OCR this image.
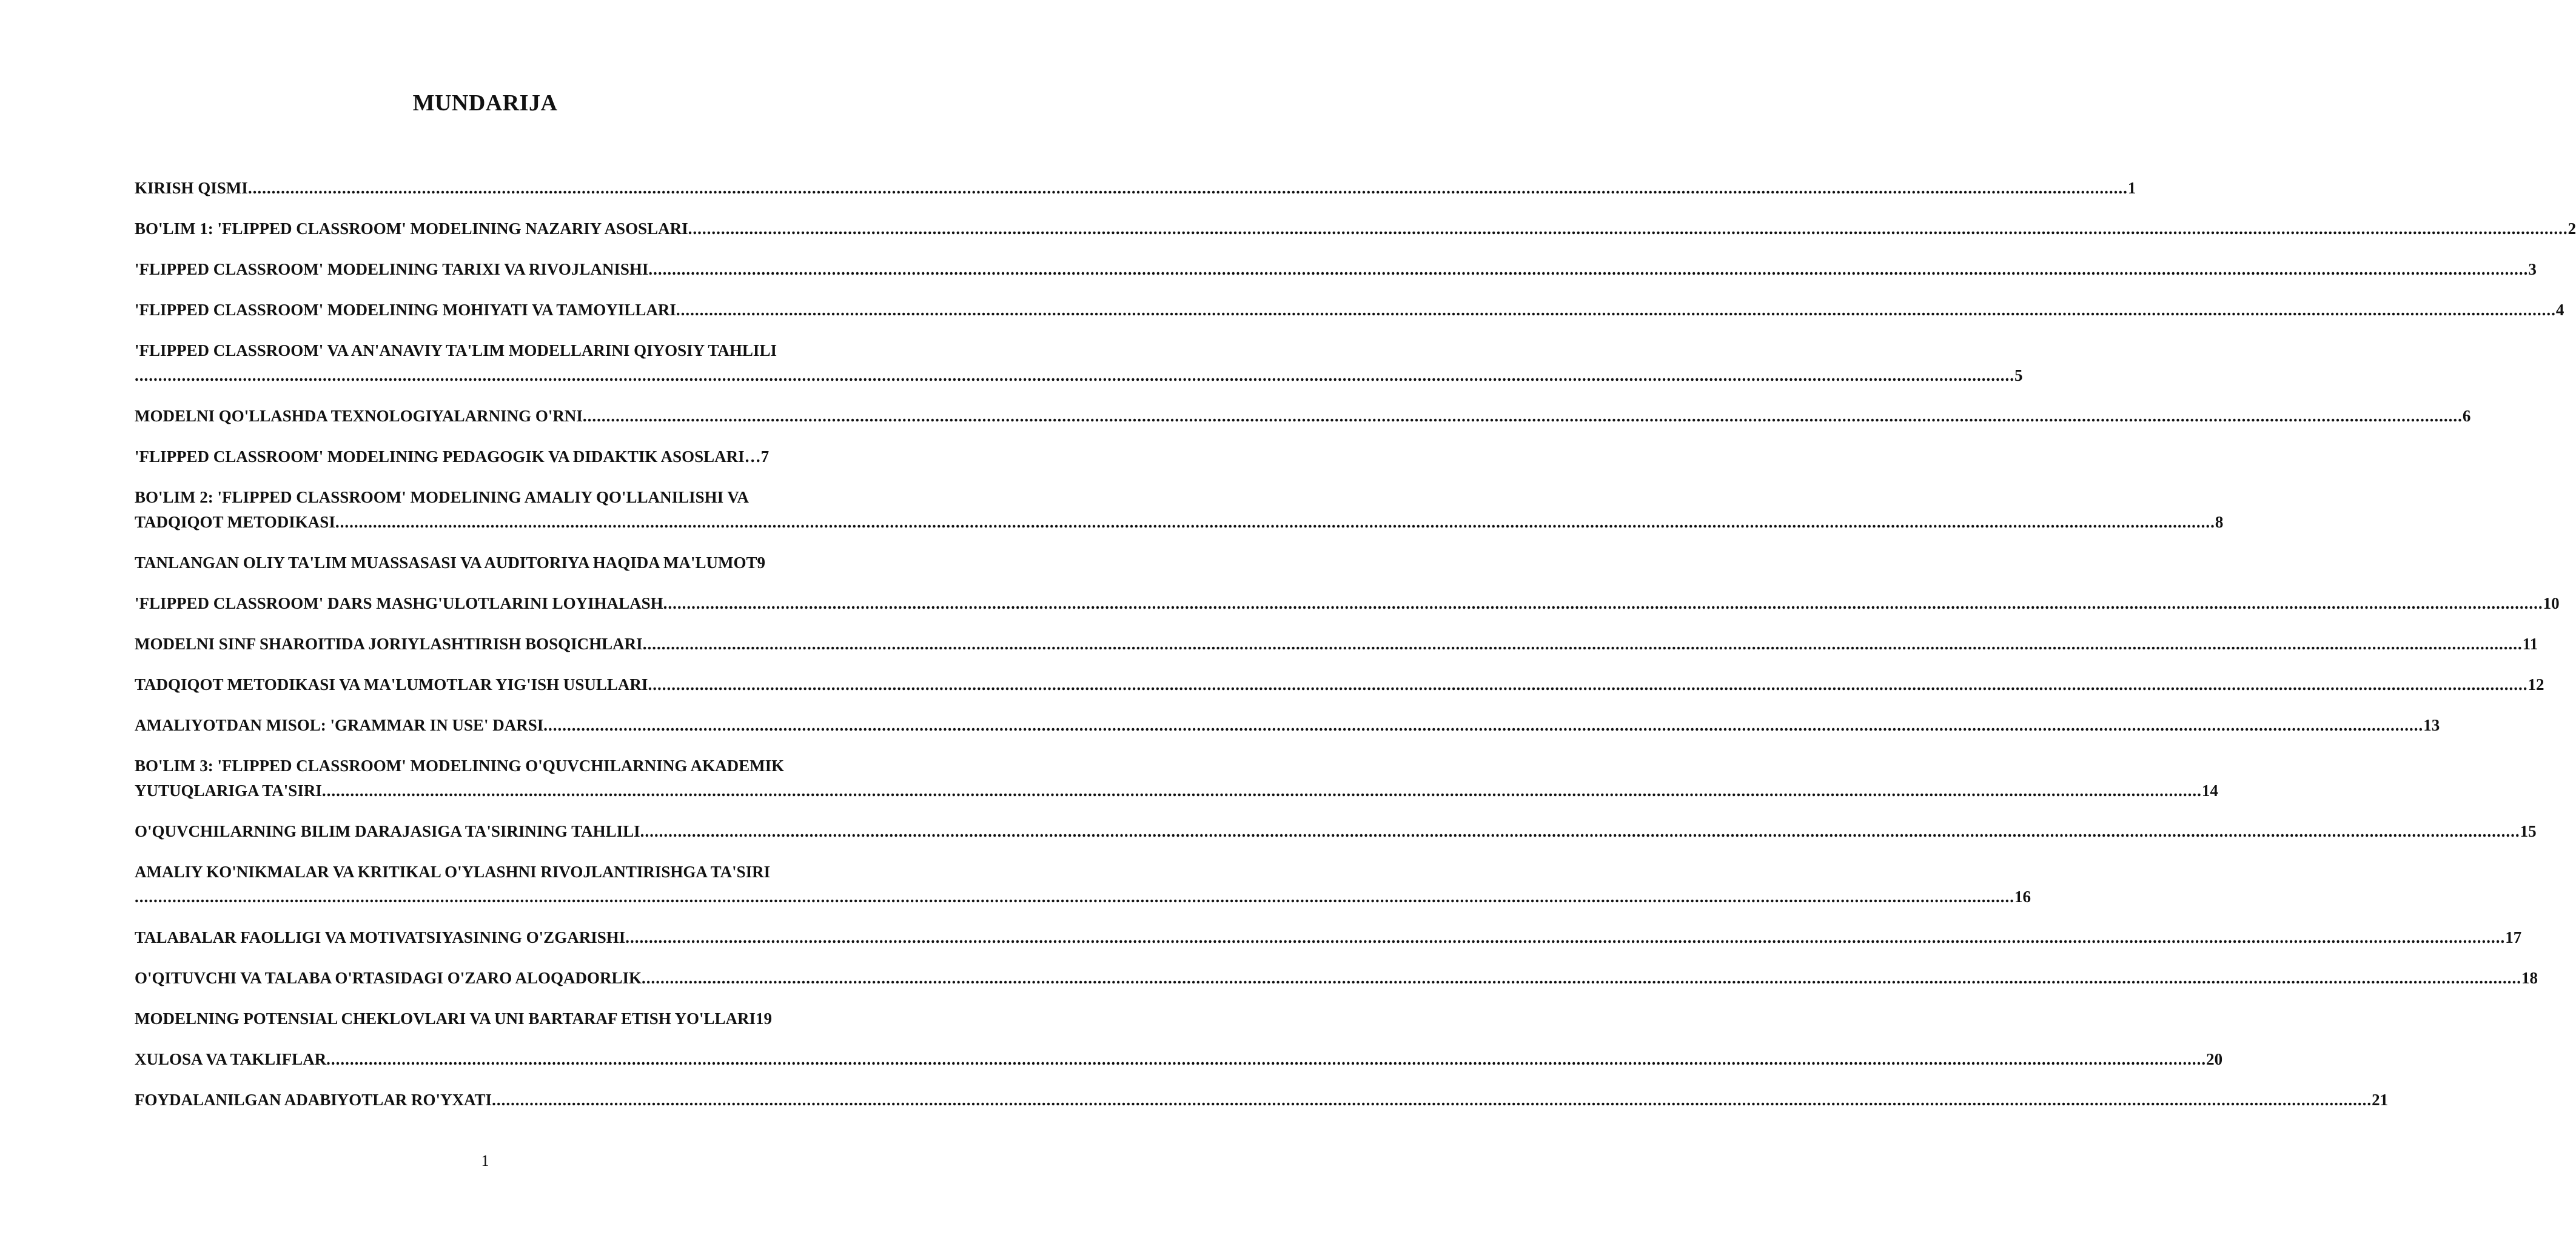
MUNDARIJA
KIRISH QISMI ................................................................................................................................................................................................................................................................................................................................................................................................................ 1
BO'LIM 1: 'FLIPPED CLASSROOM' MODELINING NAZARIY ASOSLARI ................................................................................................................................................................................................................................................................................................................................................................................................................ 2
'FLIPPED CLASSROOM' MODELINING TARIXI VA RIVOJLANISHI ................................................................................................................................................................................................................................................................................................................................................................................................................ 3
'FLIPPED CLASSROOM' MODELINING MOHIYATI VA TAMOYILLARI ................................................................................................................................................................................................................................................................................................................................................................................................................ 4
'FLIPPED CLASSROOM' VA AN'ANAVIY TA'LIM MODELLARINI QIYOSIY TAHLILI
................................................................................................................................................................................................................................................................................................................................................................................................................ 5
MODELNI QO'LLASHDA TEXNOLOGIYALARNING O'RNI ................................................................................................................................................................................................................................................................................................................................................................................................................ 6
'FLIPPED CLASSROOM' MODELINING PEDAGOGIK VA DIDAKTIK ASOSLARI … 7
BO'LIM 2: 'FLIPPED CLASSROOM' MODELINING AMALIY QO'LLANILISHI VA
TADQIQOT METODIKASI ................................................................................................................................................................................................................................................................................................................................................................................................................ 8
TANLANGAN OLIY TA'LIM MUASSASASI VA AUDITORIYA HAQIDA MA'LUMOT 9
'FLIPPED CLASSROOM' DARS MASHG'ULOTLARINI LOYIHALASH ................................................................................................................................................................................................................................................................................................................................................................................................................ 10
MODELNI SINF SHAROITIDA JORIYLASHTIRISH BOSQICHLARI ................................................................................................................................................................................................................................................................................................................................................................................................................ 11
TADQIQOT METODIKASI VA MA'LUMOTLAR YIG'ISH USULLARI ................................................................................................................................................................................................................................................................................................................................................................................................................ 12
AMALIYOTDAN MISOL: 'GRAMMAR IN USE' DARSI ................................................................................................................................................................................................................................................................................................................................................................................................................ 13
BO'LIM 3: 'FLIPPED CLASSROOM' MODELINING O'QUVCHILARNING AKADEMIK
YUTUQLARIGA TA'SIRI ................................................................................................................................................................................................................................................................................................................................................................................................................ 14
O'QUVCHILARNING BILIM DARAJASIGA TA'SIRINING TAHLILI ................................................................................................................................................................................................................................................................................................................................................................................................................ 15
AMALIY KO'NIKMALAR VA KRITIKAL O'YLASHNI RIVOJLANTIRISHGA TA'SIRI
................................................................................................................................................................................................................................................................................................................................................................................................................ 16
TALABALAR FAOLLIGI VA MOTIVATSIYASINING O'ZGARISHI ................................................................................................................................................................................................................................................................................................................................................................................................................ 17
O'QITUVCHI VA TALABA O'RTASIDAGI O'ZARO ALOQADORLIK ................................................................................................................................................................................................................................................................................................................................................................................................................ 18
MODELNING POTENSIAL CHEKLOVLARI VA UNI BARTARAF ETISH YO'LLARI 19
XULOSA VA TAKLIFLAR ................................................................................................................................................................................................................................................................................................................................................................................................................ 20
FOYDALANILGAN ADABIYOTLAR RO'YXATI ................................................................................................................................................................................................................................................................................................................................................................................................................ 21
1
